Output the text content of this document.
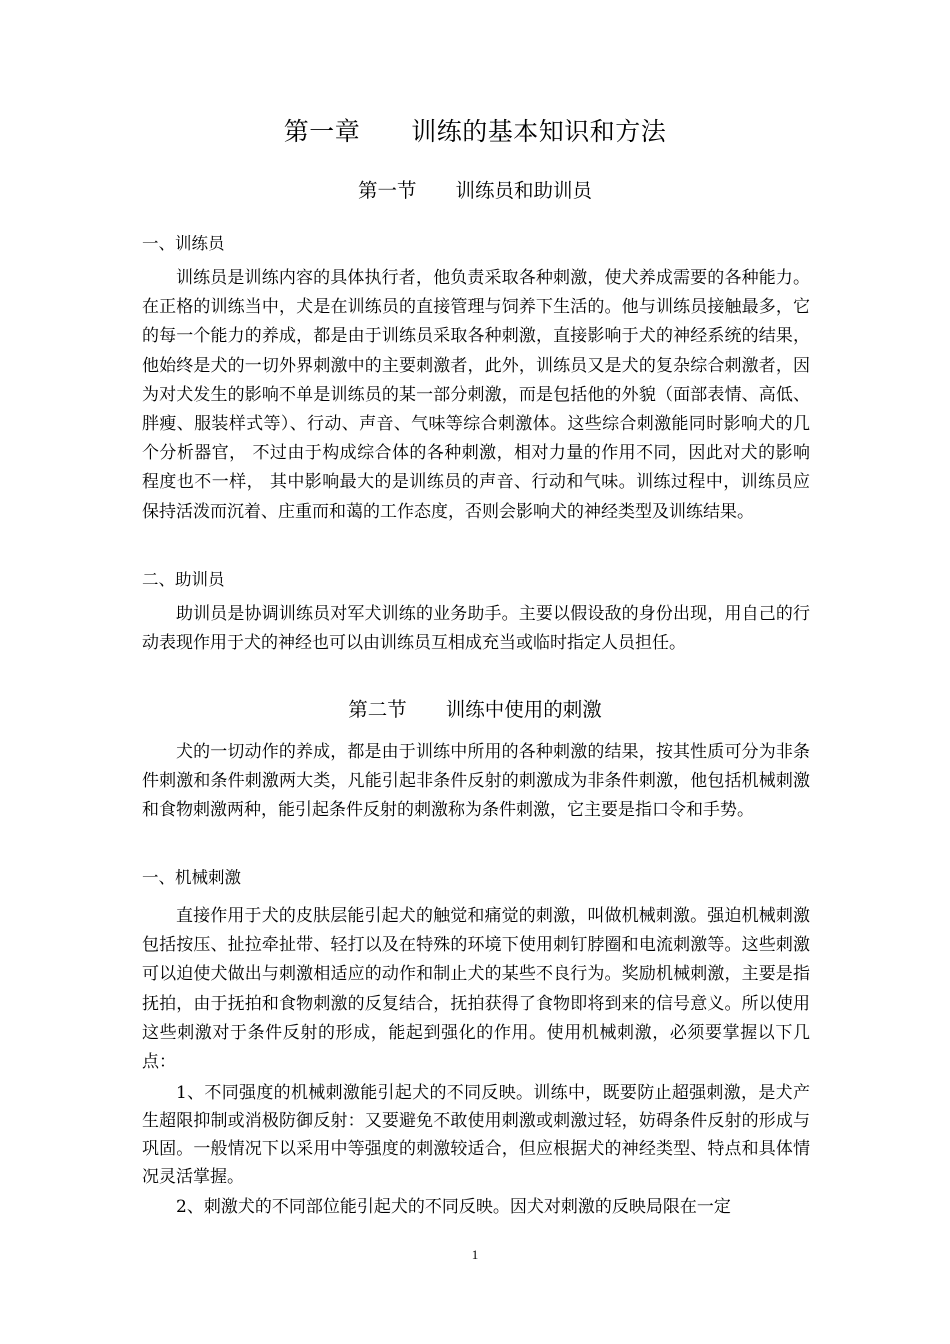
第一章　　训练的基本知识和方法
第一节　　训练员和助训员
一、训练员
训练员是训练内容的具体执行者，他负责采取各种刺激，使犬养成需要的各种能力。在正格的训练当中，犬是在训练员的直接管理与饲养下生活的。他与训练员接触最多，它的每一个能力的养成，都是由于训练员采取各种刺激，直接影响于犬的神经系统的结果，他始终是犬的一切外界刺激中的主要刺激者，此外，训练员又是犬的复杂综合刺激者，因为对犬发生的影响不单是训练员的某一部分刺激，而是包括他的外貌（面部表情、高低、胖瘦、服装样式等）、行动、声音、气味等综合刺激体。这些综合刺激能同时影响犬的几个分析器官， 不过由于构成综合体的各种刺激，相对力量的作用不同，因此对犬的影响程度也不一样， 其中影响最大的是训练员的声音、行动和气味。训练过程中，训练员应保持活泼而沉着、庄重而和蔼的工作态度，否则会影响犬的神经类型及训练结果。
二、助训员
助训员是协调训练员对军犬训练的业务助手。主要以假设敌的身份出现，用自己的行动表现作用于犬的神经也可以由训练员互相成充当或临时指定人员担任。
第二节　　训练中使用的刺激
犬的一切动作的养成，都是由于训练中所用的各种刺激的结果，按其性质可分为非条件刺激和条件刺激两大类，凡能引起非条件反射的刺激成为非条件刺激，他包括机械刺激和食物刺激两种，能引起条件反射的刺激称为条件刺激，它主要是指口令和手势。
一、机械刺激
直接作用于犬的皮肤层能引起犬的触觉和痛觉的刺激，叫做机械刺激。强迫机械刺激包括按压、扯拉牵扯带、轻打以及在特殊的环境下使用刺钉脖圈和电流刺激等。这些刺激可以迫使犬做出与刺激相适应的动作和制止犬的某些不良行为。奖励机械刺激，主要是指抚拍，由于抚拍和食物刺激的反复结合，抚拍获得了食物即将到来的信号意义。所以使用这些刺激对于条件反射的形成，能起到强化的作用。使用机械刺激，必须要掌握以下几点：
1、不同强度的机械刺激能引起犬的不同反映。训练中，既要防止超强刺激，是犬产生超限抑制或消极防御反射：又要避免不敢使用刺激或刺激过轻，妨碍条件反射的形成与巩固。一般情况下以采用中等强度的刺激较适合，但应根据犬的神经类型、特点和具体情况灵活掌握。
2、刺激犬的不同部位能引起犬的不同反映。因犬对刺激的反映局限在一定
1
